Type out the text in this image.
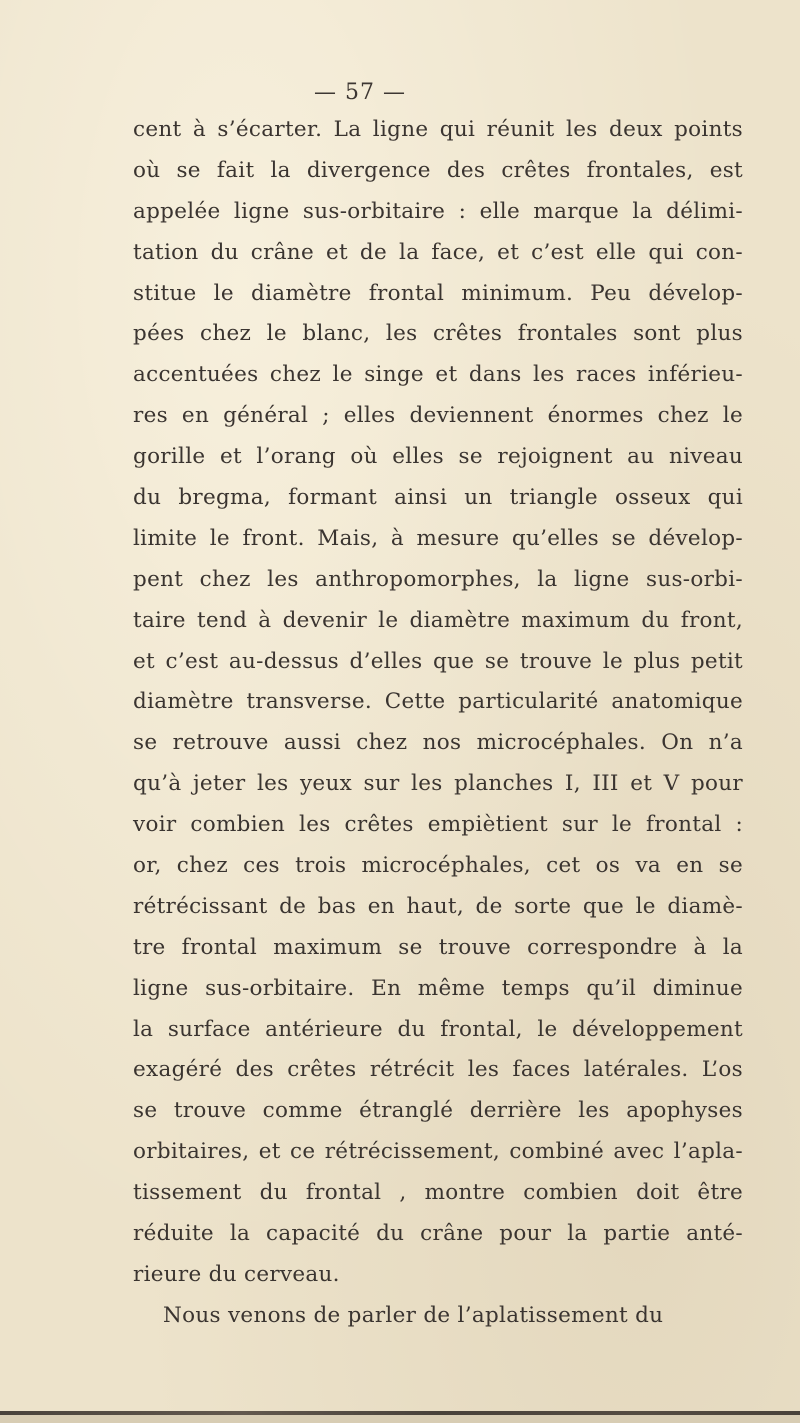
— 57 —
cent à s’écarter. La ligne qui réunit les deux points
où se fait la divergence des crêtes frontales, est
appelée ligne sus-orbitaire : elle marque la délimi-
tation du crâne et de la face, et c’est elle qui con-
stitue le diamètre frontal minimum. Peu dévelop-
pées chez le blanc, les crêtes frontales sont plus
accentuées chez le singe et dans les races inférieu-
res en général ; elles deviennent énormes chez le
gorille et l’orang où elles se rejoignent au niveau
du bregma, formant ainsi un triangle osseux qui
limite le front. Mais, à mesure qu’elles se dévelop-
pent chez les anthropomorphes, la ligne sus-orbi-
taire tend à devenir le diamètre maximum du front,
et c’est au-dessus d’elles que se trouve le plus petit
diamètre transverse. Cette particularité anatomique
se retrouve aussi chez nos microcéphales. On n’a
qu’à jeter les yeux sur les planches I, III et V pour
voir combien les crêtes empiètient sur le frontal :
or, chez ces trois microcéphales, cet os va en se
rétrécissant de bas en haut, de sorte que le diamè-
tre frontal maximum se trouve correspondre à la
ligne sus-orbitaire. En même temps qu’il diminue
la surface antérieure du frontal, le développement
exagéré des crêtes rétrécit les faces latérales. L’os
se trouve comme étranglé derrière les apophyses
orbitaires, et ce rétrécissement, combiné avec l’apla-
tissement du frontal , montre combien doit être
réduite la capacité du crâne pour la partie anté-
rieure du cerveau.
Nous venons de parler de l’aplatissement du
